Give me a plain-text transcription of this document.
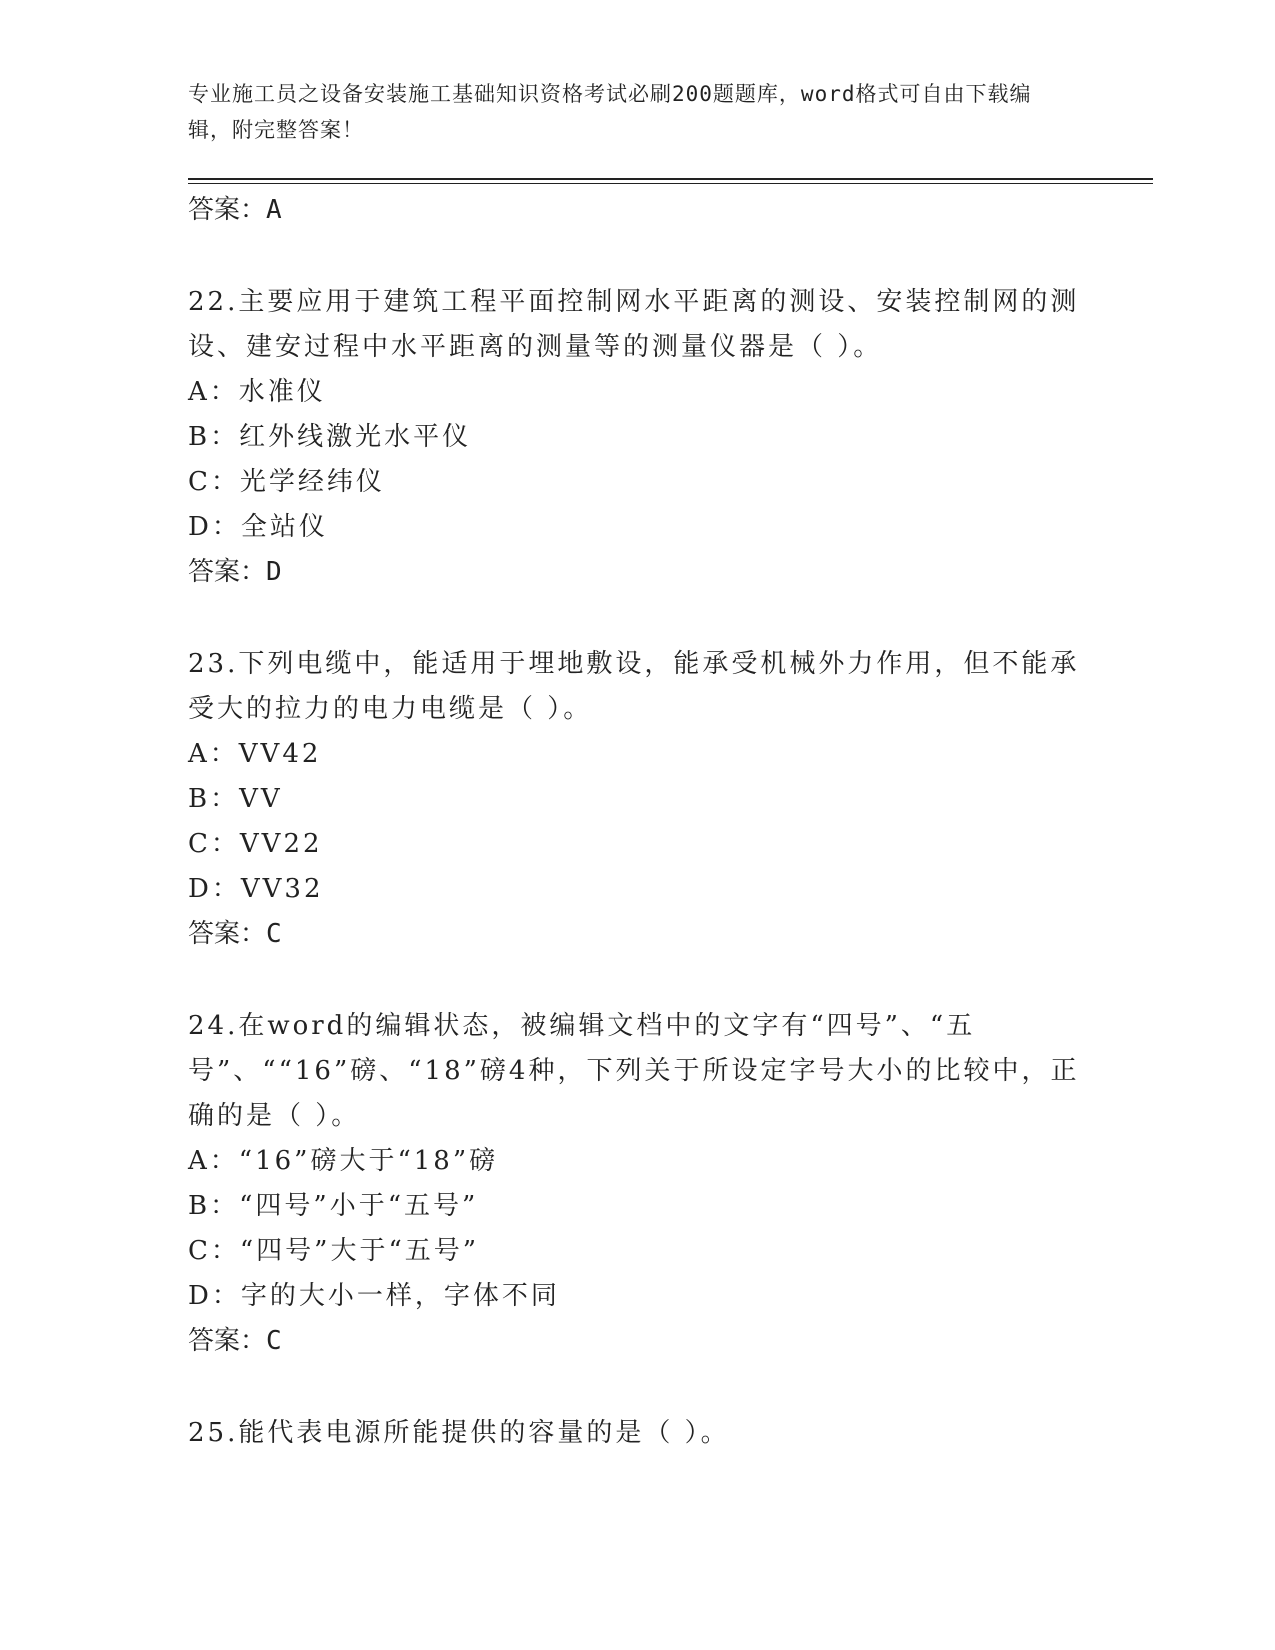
专业施工员之设备安装施工基础知识资格考试必刷200题题库，word格式可自由下载编辑，附完整答案！
答案：A
22.主要应用于建筑工程平面控制网水平距离的测设、安装控制网的测设、建安过程中水平距离的测量等的测量仪器是（ ）。
A：水准仪
B：红外线激光水平仪
C：光学经纬仪
D：全站仪
答案：D
23.下列电缆中，能适用于埋地敷设，能承受机械外力作用，但不能承受大的拉力的电力电缆是（ ）。
A：VV42
B：VV
C：VV22
D：VV32
答案：C
24.在word的编辑状态，被编辑文档中的文字有“四号”、“五号”、““16”磅、“18”磅4种，下列关于所设定字号大小的比较中，正确的是（ ）。
A：“16”磅大于“18”磅
B：“四号”小于“五号”
C：“四号”大于“五号”
D：字的大小一样，字体不同
答案：C
25.能代表电源所能提供的容量的是（ ）。
